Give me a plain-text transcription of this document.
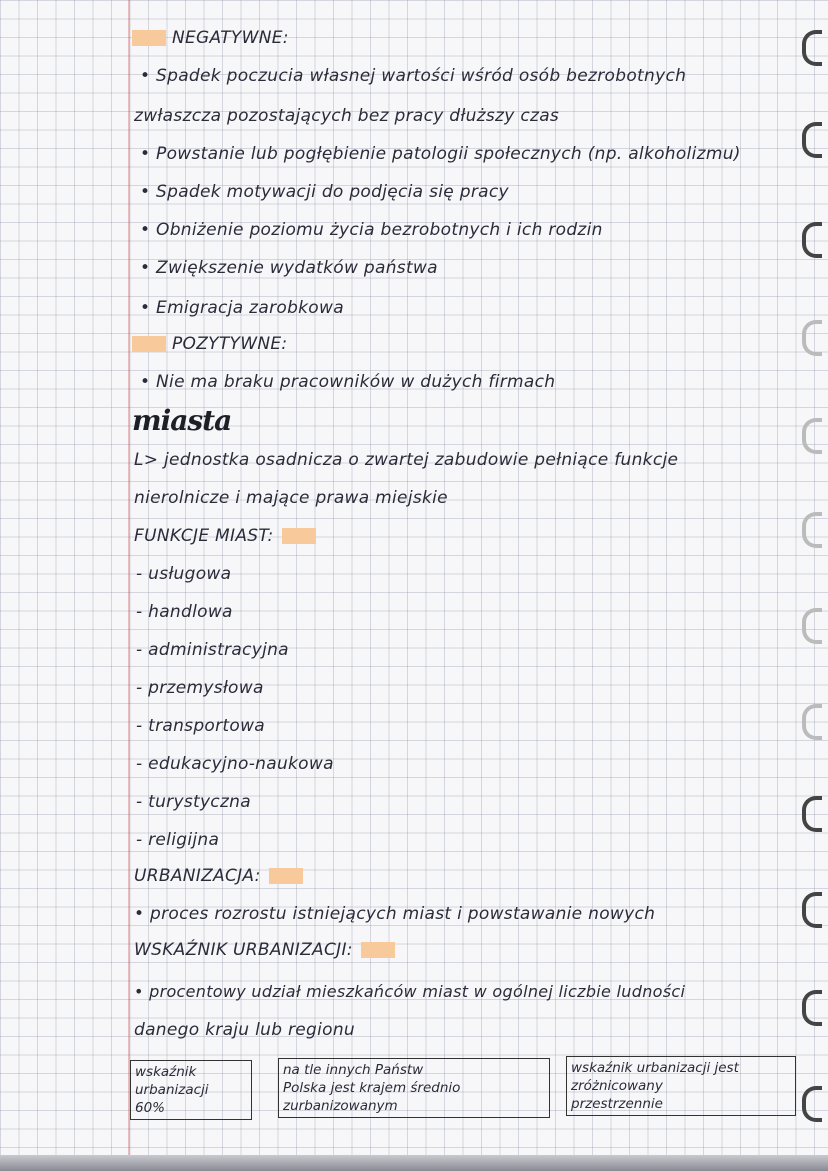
NEGATYWNE:
• Spadek poczucia własnej wartości wśród osób bezrobotnych
zwłaszcza pozostających bez pracy dłuższy czas
• Powstanie lub pogłębienie patologii społecznych (np. alkoholizmu)
• Spadek motywacji do podjęcia się pracy
• Obniżenie poziomu życia bezrobotnych i ich rodzin
• Zwiększenie wydatków państwa
• Emigracja zarobkowa
POZYTYWNE:
• Nie ma braku pracowników w dużych firmach
miasta
L> jednostka osadnicza o zwartej zabudowie pełniące funkcje
nierolnicze i mające prawa miejskie
FUNKCJE MIAST:
- usługowa
- handlowa
- administracyjna
- przemysłowa
- transportowa
- edukacyjno-naukowa
- turystyczna
- religijna
URBANIZACJA:
• proces rozrostu istniejących miast i powstawanie nowych
WSKAŹNIK URBANIZACJI:
• procentowy udział mieszkańców miast w ogólnej liczbie ludności
danego kraju lub regionu
wskaźnik
urbanizacji
60%
na tle innych Państw
Polska jest krajem średnio
zurbanizowanym
wskaźnik urbanizacji jest
zróżnicowany
przestrzennie
